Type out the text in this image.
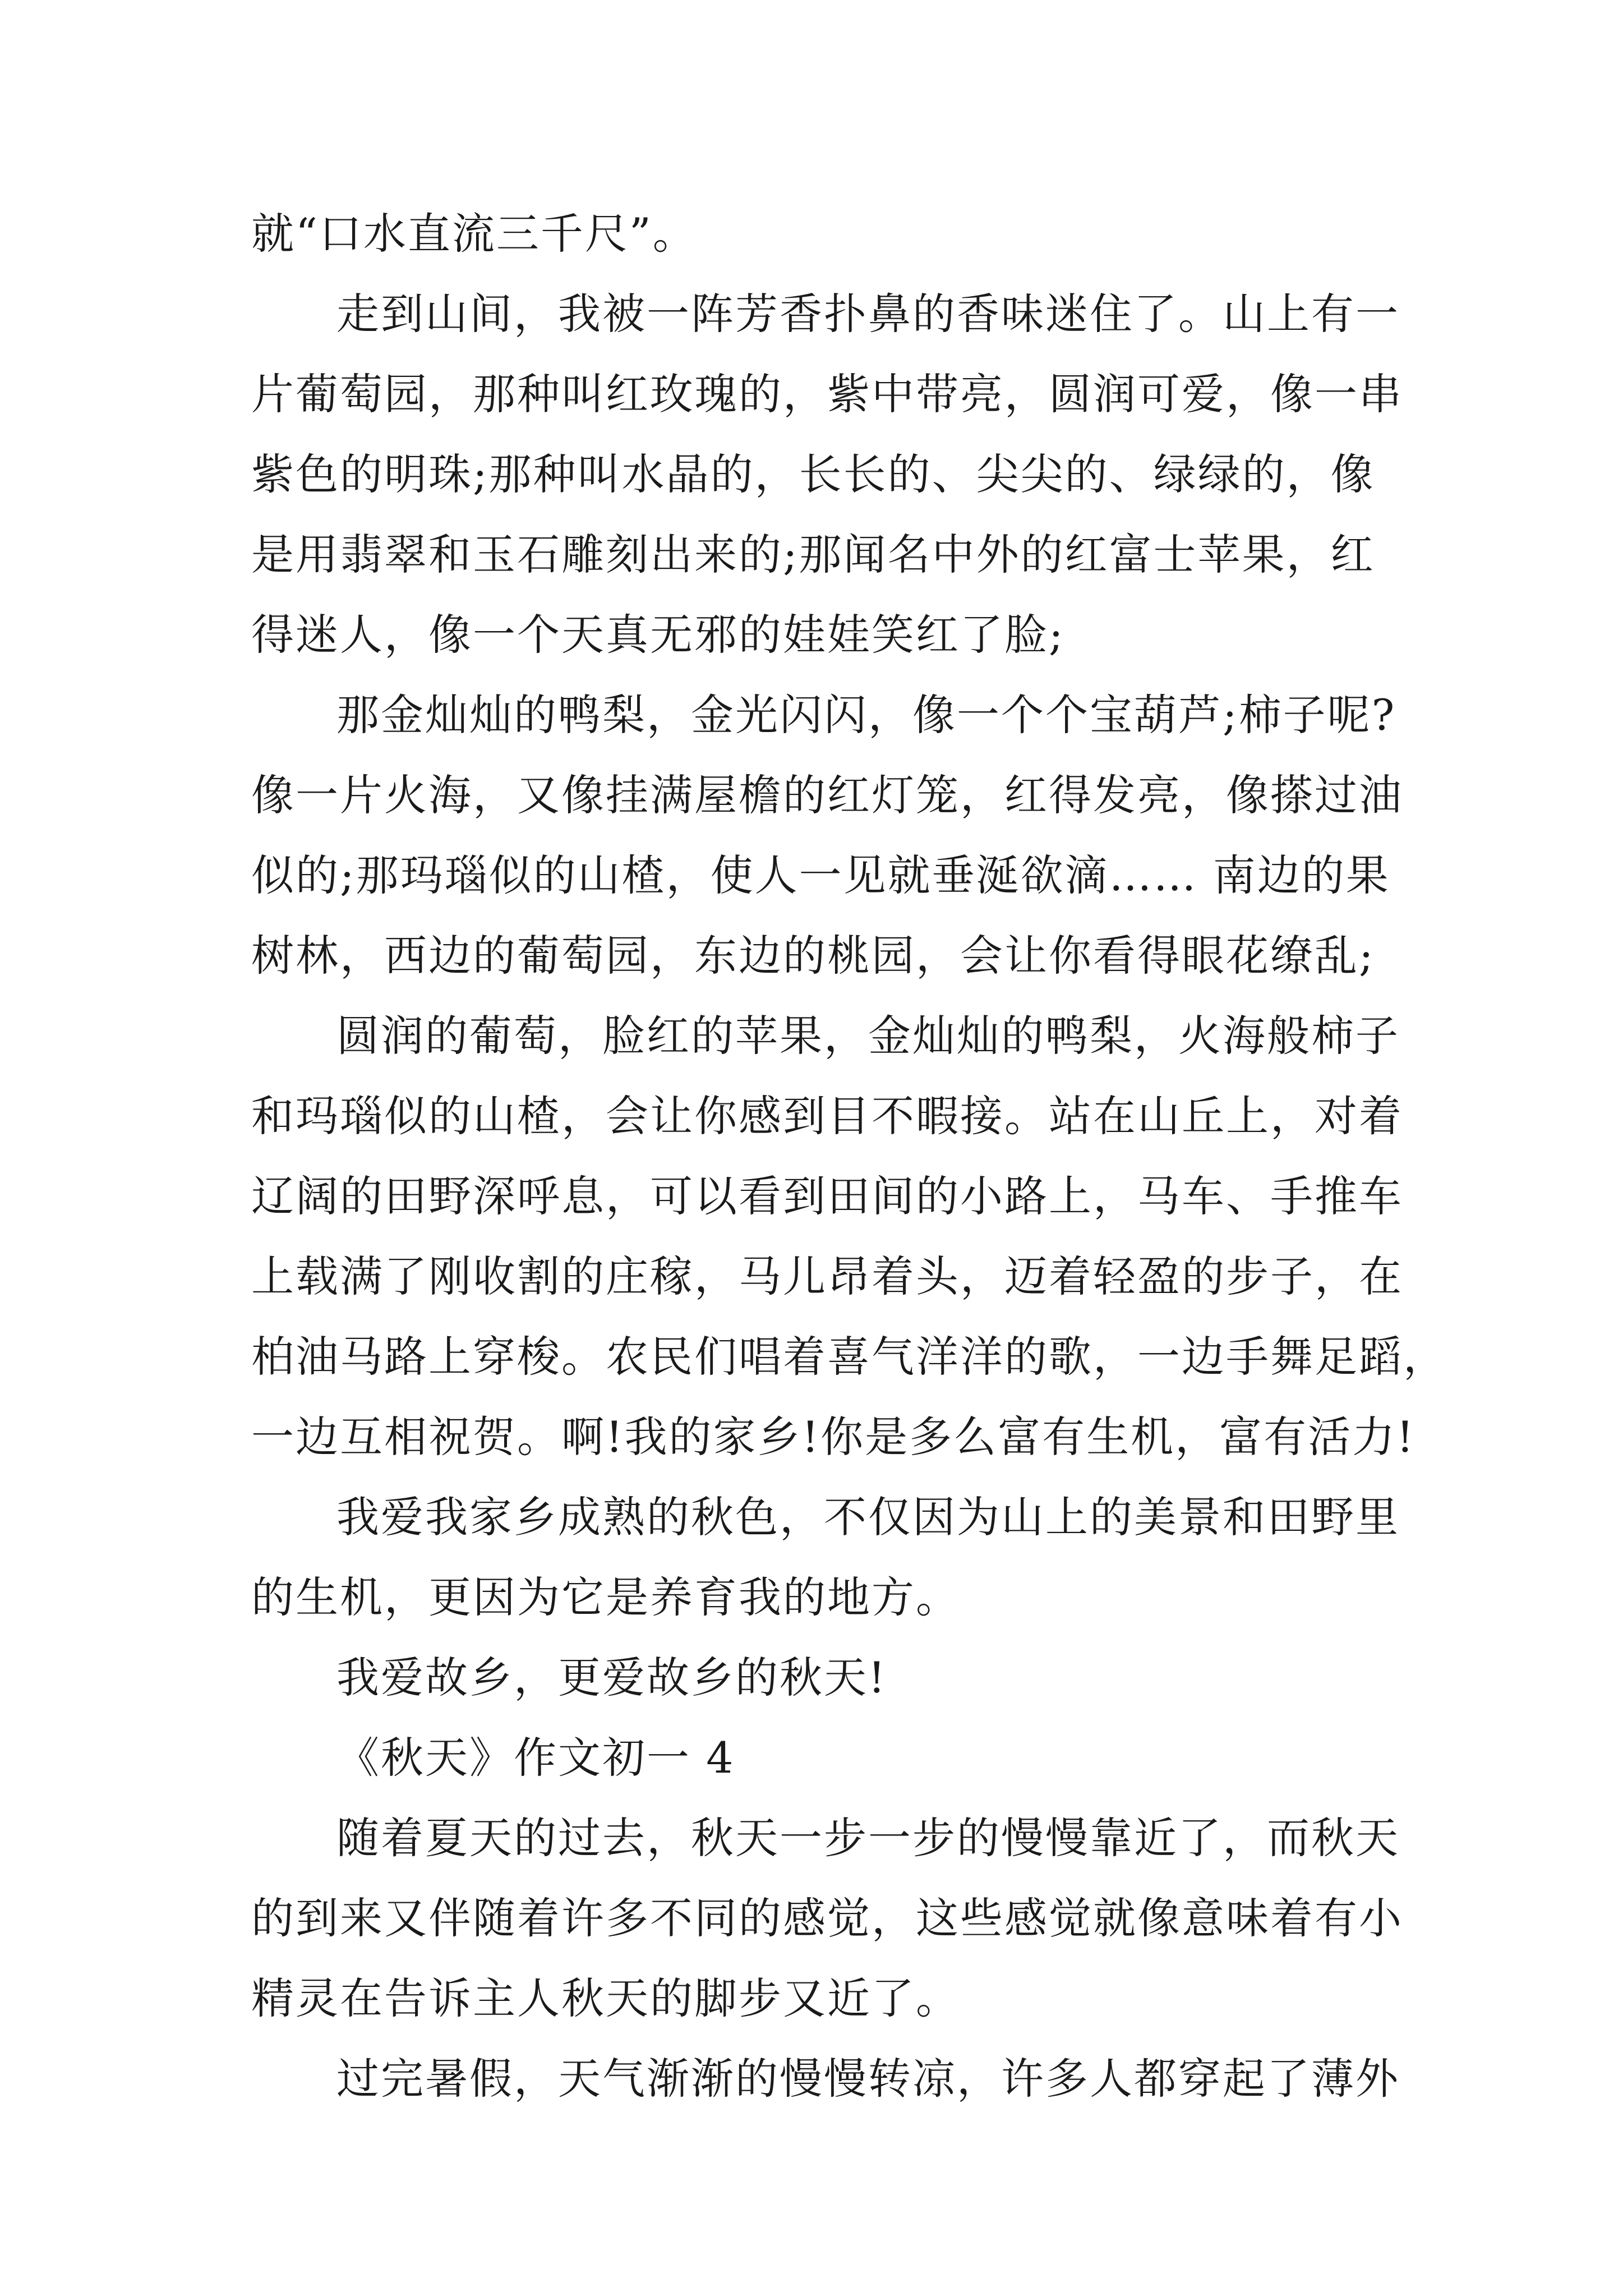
就“口水直流三千尺”。
走到山间，我被一阵芳香扑鼻的香味迷住了。山上有一
片葡萄园，那种叫红玫瑰的，紫中带亮，圆润可爱，像一串
紫色的明珠;那种叫水晶的，长长的、尖尖的、绿绿的，像
是用翡翠和玉石雕刻出来的;那闻名中外的红富士苹果，红
得迷人，像一个天真无邪的娃娃笑红了脸;
那金灿灿的鸭梨，金光闪闪，像一个个宝葫芦;柿子呢?
像一片火海，又像挂满屋檐的红灯笼，红得发亮，像搽过油
似的;那玛瑙似的山楂，使人一见就垂涎欲滴…… 南边的果
树林，西边的葡萄园，东边的桃园，会让你看得眼花缭乱;
圆润的葡萄，脸红的苹果，金灿灿的鸭梨，火海般柿子
和玛瑙似的山楂，会让你感到目不暇接。站在山丘上，对着
辽阔的田野深呼息，可以看到田间的小路上，马车、手推车
上载满了刚收割的庄稼，马儿昂着头，迈着轻盈的步子，在
柏油马路上穿梭。农民们唱着喜气洋洋的歌，一边手舞足蹈，
一边互相祝贺。啊!我的家乡!你是多么富有生机，富有活力!
我爱我家乡成熟的秋色，不仅因为山上的美景和田野里
的生机，更因为它是养育我的地方。
我爱故乡，更爱故乡的秋天!
《秋天》作文初一 4
随着夏天的过去，秋天一步一步的慢慢靠近了，而秋天
的到来又伴随着许多不同的感觉，这些感觉就像意味着有小
精灵在告诉主人秋天的脚步又近了。
过完暑假，天气渐渐的慢慢转凉，许多人都穿起了薄外
